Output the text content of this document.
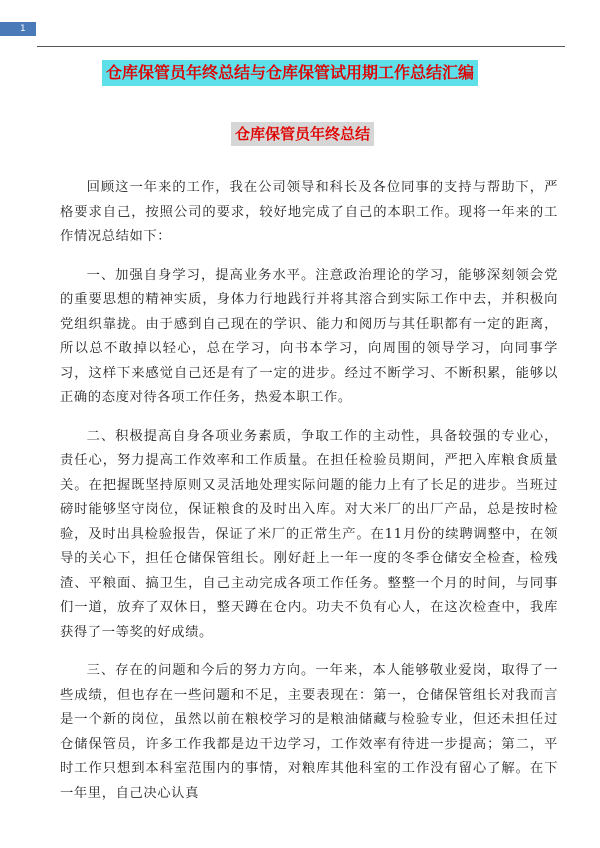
1
仓库保管员年终总结与仓库保管试用期工作总结汇编
仓库保管员年终总结

回顾这一年来的工作，我在公司领导和科长及各位同事的支持与帮助下，严格要求自己，按照公司的要求，较好地完成了自己的本职工作。现将一年来的工作情况总结如下：

一、加强自身学习，提高业务水平。注意政治理论的学习，能够深刻领会党的重要思想的精神实质，身体力行地践行并将其溶合到实际工作中去，并积极向党组织靠拢。由于感到自己现在的学识、能力和阅历与其任职都有一定的距离，所以总不敢掉以轻心，总在学习，向书本学习，向周围的领导学习，向同事学习，这样下来感觉自己还是有了一定的进步。经过不断学习、不断积累，能够以正确的态度对待各项工作任务，热爱本职工作。

二、积极提高自身各项业务素质，争取工作的主动性，具备较强的专业心，责任心，努力提高工作效率和工作质量。在担任检验员期间，严把入库粮食质量关。在把握既坚持原则又灵活地处理实际问题的能力上有了长足的进步。当班过磅时能够坚守岗位，保证粮食的及时出入库。对大米厂的出厂产品，总是按时检验，及时出具检验报告，保证了米厂的正常生产。在11月份的续聘调整中，在领导的关心下，担任仓储保管组长。刚好赶上一年一度的冬季仓储安全检查，检残渣、平粮面、搞卫生，自己主动完成各项工作任务。整整一个月的时间，与同事们一道，放弃了双休日，整天蹲在仓内。功夫不负有心人，在这次检查中，我库获得了一等奖的好成绩。

三、存在的问题和今后的努力方向。一年来，本人能够敬业爱岗，取得了一些成绩，但也存在一些问题和不足，主要表现在：第一，仓储保管组长对我而言是一个新的岗位，虽然以前在粮校学习的是粮油储藏与检验专业，但还未担任过仓储保管员，许多工作我都是边干边学习，工作效率有待进一步提高；第二，平时工作只想到本科室范围内的事情，对粮库其他科室的工作没有留心了解。在下一年里，自己决心认真
